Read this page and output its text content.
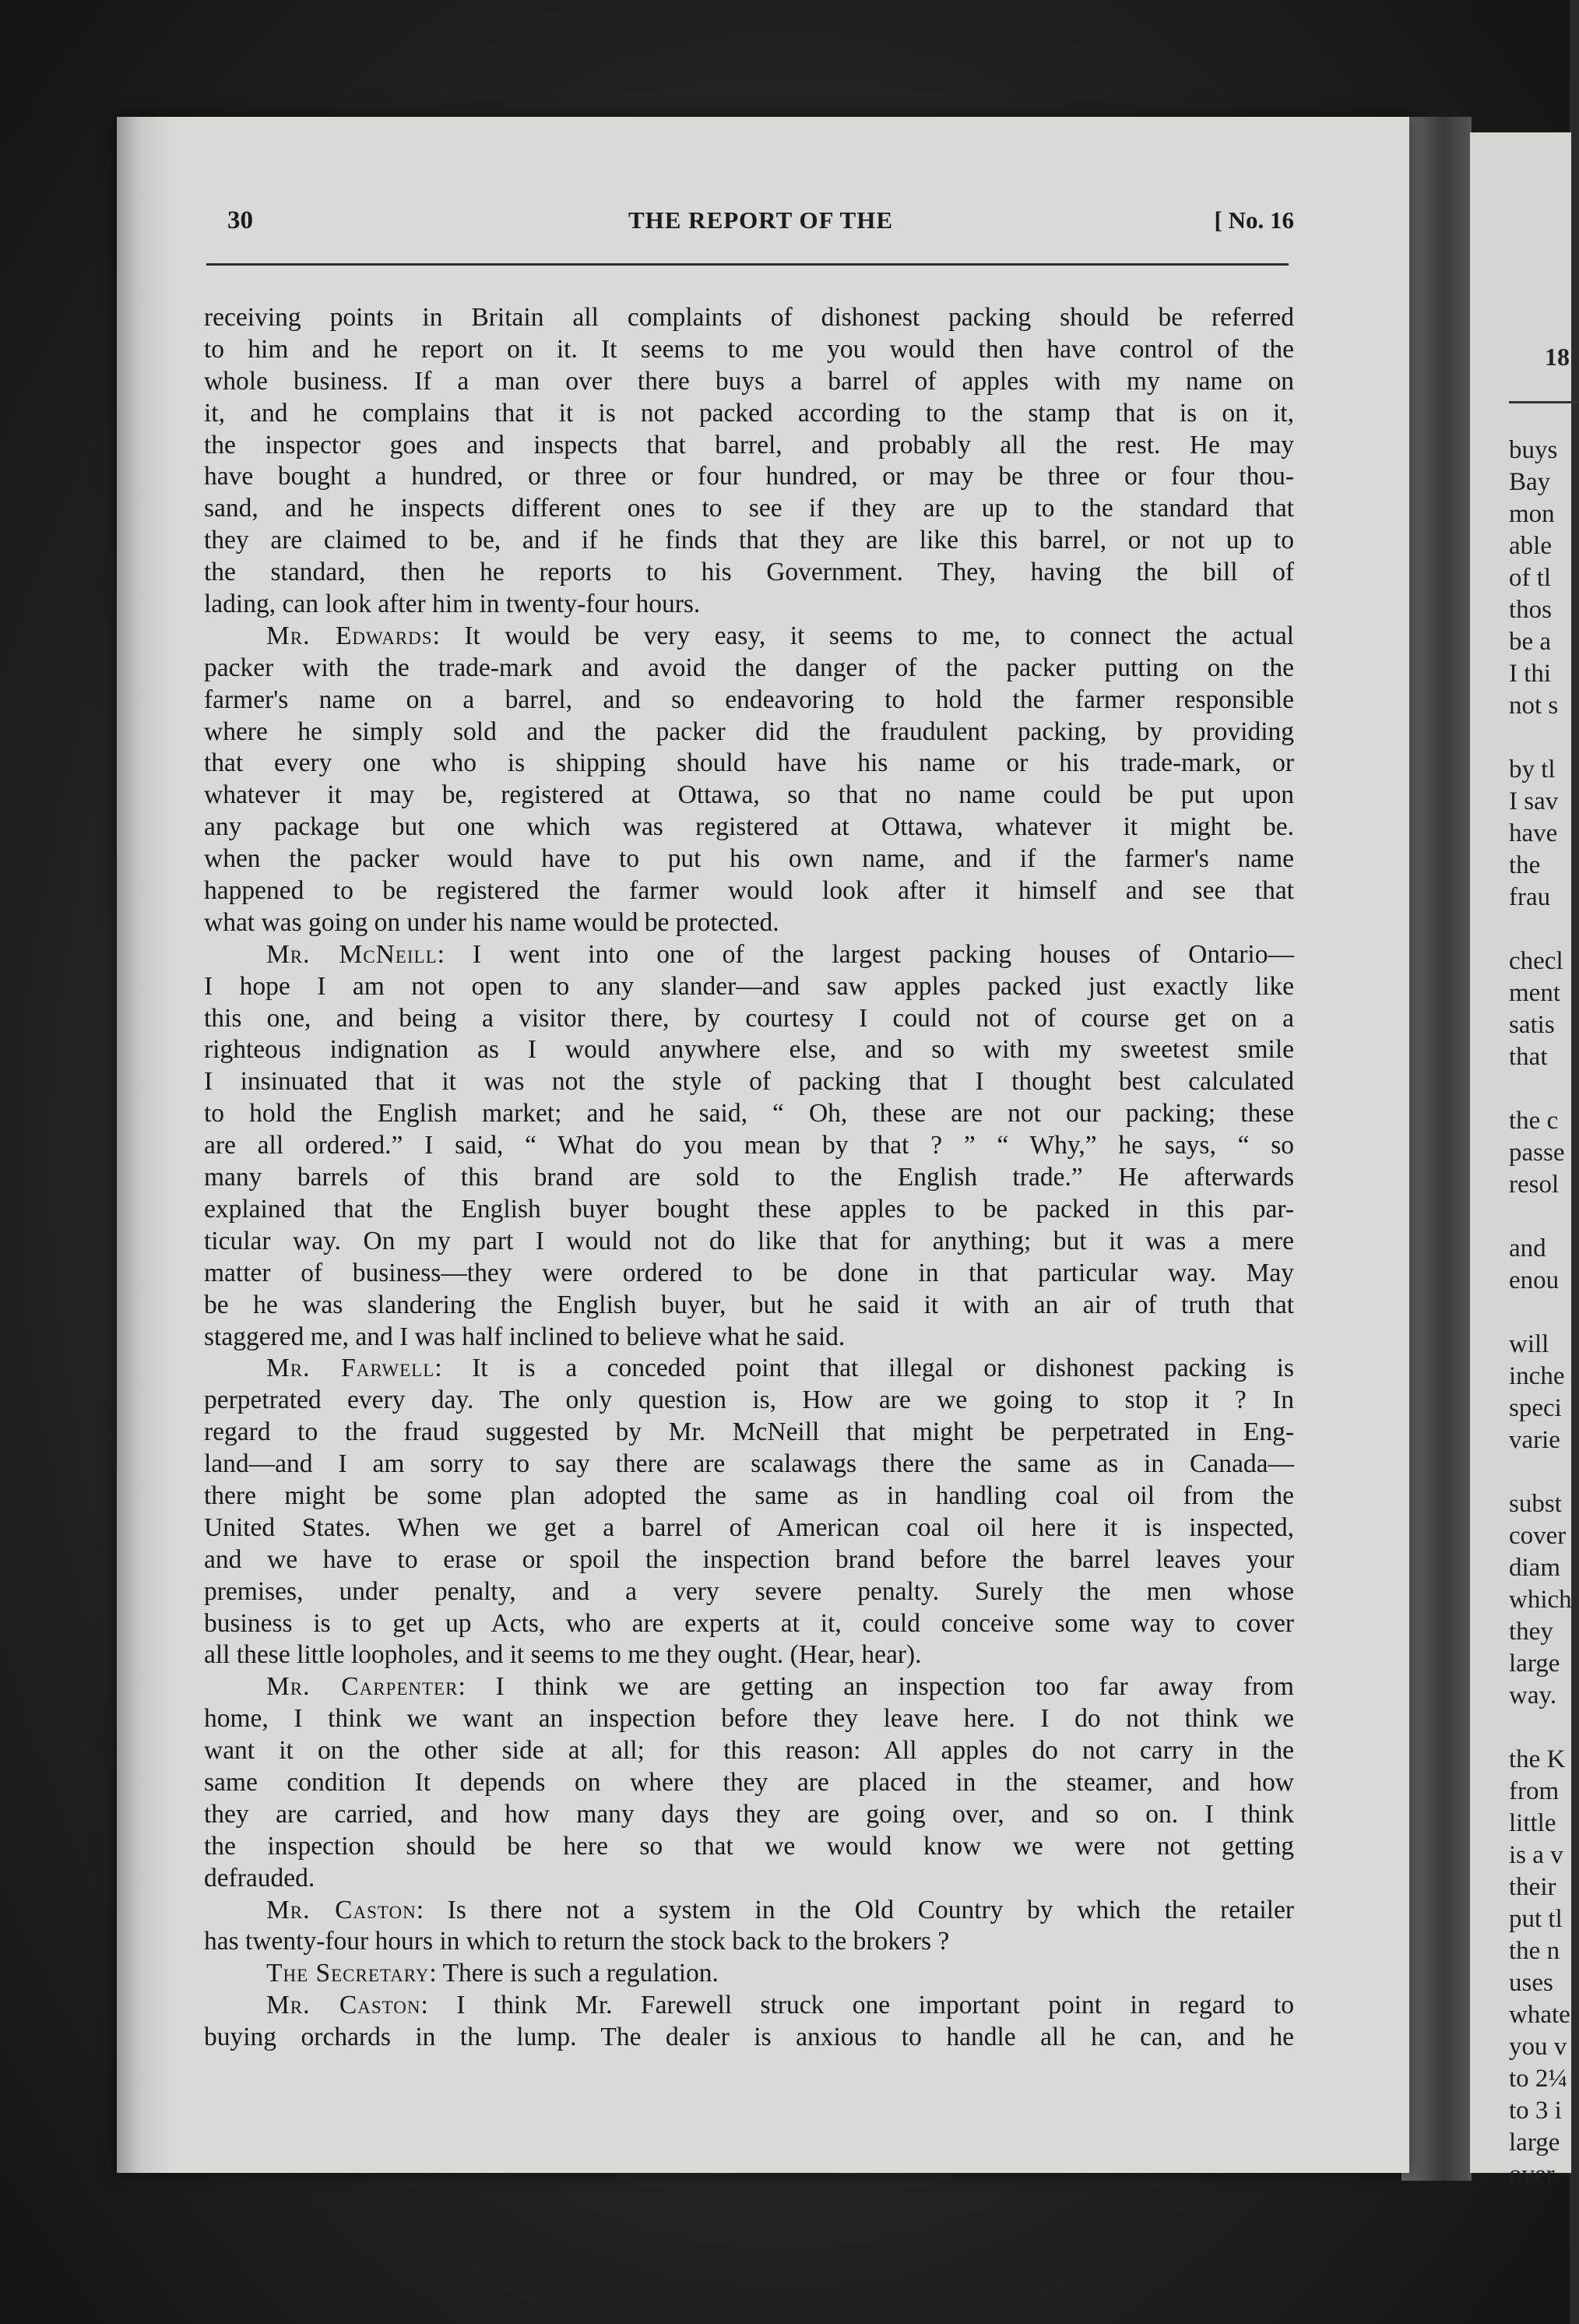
18
buys
Bay
mon
able
of tl
thos
be a
I thi
not s
by tl
I sav
have
the
frau
checl
ment
satis
that
the c
passe
resol
and
enou
will
inche
speci
varie
subst
cover
diam
which
they
large
way.
the K
from
little
is a v
their
put tl
the n
uses
whate
you v
to 2¼
to 3 i
large
over
30	THE REPORT OF THE	[ No. 16
receiving points in Britain all complaints of dishonest packing should be referred
to him and he report on it. It seems to me you would then have control of the
whole business. If a man over there buys a barrel of apples with my name on
it, and he complains that it is not packed according to the stamp that is on it,
the inspector goes and inspects that barrel, and probably all the rest. He may
have bought a hundred, or three or four hundred, or may be three or four thou-
sand, and he inspects different ones to see if they are up to the standard that
they are claimed to be, and if he finds that they are like this barrel, or not up to
the standard, then he reports to his Government. They, having the bill of
lading, can look after him in twenty-four hours.
Mr. Edwards: It would be very easy, it seems to me, to connect the actual
packer with the trade-mark and avoid the danger of the packer putting on the
farmer's name on a barrel, and so endeavoring to hold the farmer responsible
where he simply sold and the packer did the fraudulent packing, by providing
that every one who is shipping should have his name or his trade-mark, or
whatever it may be, registered at Ottawa, so that no name could be put upon
any package but one which was registered at Ottawa, whatever it might be.
when the packer would have to put his own name, and if the farmer's name
happened to be registered the farmer would look after it himself and see that
what was going on under his name would be protected.
Mr. McNeill: I went into one of the largest packing houses of Ontario—
I hope I am not open to any slander—and saw apples packed just exactly like
this one, and being a visitor there, by courtesy I could not of course get on a
righteous indignation as I would anywhere else, and so with my sweetest smile
I insinuated that it was not the style of packing that I thought best calculated
to hold the English market; and he said, “ Oh, these are not our packing; these
are all ordered.” I said, “ What do you mean by that ? ” “ Why,” he says, “ so
many barrels of this brand are sold to the English trade.” He afterwards
explained that the English buyer bought these apples to be packed in this par-
ticular way. On my part I would not do like that for anything; but it was a mere
matter of business—they were ordered to be done in that particular way. May
be he was slandering the English buyer, but he said it with an air of truth that
staggered me, and I was half inclined to believe what he said.
Mr. Farwell: It is a conceded point that illegal or dishonest packing is
perpetrated every day. The only question is, How are we going to stop it ? In
regard to the fraud suggested by Mr. McNeill that might be perpetrated in Eng-
land—and I am sorry to say there are scalawags there the same as in Canada—
there might be some plan adopted the same as in handling coal oil from the
United States. When we get a barrel of American coal oil here it is inspected,
and we have to erase or spoil the inspection brand before the barrel leaves your
premises, under penalty, and a very severe penalty. Surely the men whose
business is to get up Acts, who are experts at it, could conceive some way to cover
all these little loopholes, and it seems to me they ought. (Hear, hear).
Mr. Carpenter: I think we are getting an inspection too far away from
home, I think we want an inspection before they leave here. I do not think we
want it on the other side at all; for this reason: All apples do not carry in the
same condition It depends on where they are placed in the steamer, and how
they are carried, and how many days they are going over, and so on. I think
the inspection should be here so that we would know we were not getting
defrauded.
Mr. Caston: Is there not a system in the Old Country by which the retailer
has twenty-four hours in which to return the stock back to the brokers ?
The Secretary: There is such a regulation.
Mr. Caston: I think Mr. Farewell struck one important point in regard to
buying orchards in the lump. The dealer is anxious to handle all he can, and he
